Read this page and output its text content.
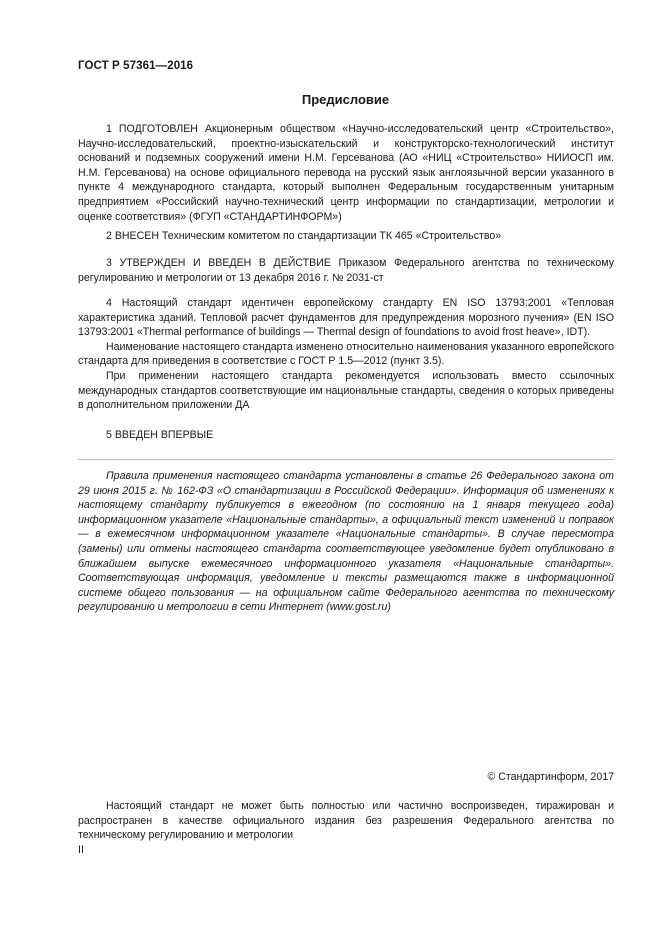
ГОСТ Р 57361—2016
Предисловие

1 ПОДГОТОВЛЕН Акционерным обществом «Научно-исследовательский центр «Строительство», Научно-исследовательский, проектно-изыскательский и конструкторско-технологический институт оснований и подземных сооружений имени Н.М. Герсеванова (АО «НИЦ «Строительство» НИИОСП им. Н.М. Герсеванова) на основе официального перевода на русский язык англоязычной версии указанного в пункте 4 международного стандарта, который выполнен Федеральным государственным унитарным предприятием «Российский научно-технический центр информации по стандартизации, метрологии и оценке соответствия» (ФГУП «СТАНДАРТИНФОРМ»)

2 ВНЕСЕН Техническим комитетом по стандартизации ТК 465 «Строительство»

3 УТВЕРЖДЕН И ВВЕДЕН В ДЕЙСТВИЕ Приказом Федерального агентства по техническому регулированию и метрологии от 13 декабря 2016 г. № 2031-ст

4 Настоящий стандарт идентичен европейскому стандарту EN ISO 13793:2001 «Тепловая характеристика зданий. Тепловой расчет фундаментов для предупреждения морозного пучения» (EN ISO 13793:2001 «Thermal performance of buildings — Thermal design of foundations to avoid frost heave», IDT).

Наименование настоящего стандарта изменено относительно наименования указанного европейского стандарта для приведения в соответствие с ГОСТ Р 1.5—2012 (пункт 3.5).

При применении настоящего стандарта рекомендуется использовать вместо ссылочных международных стандартов соответствующие им национальные стандарты, сведения о которых приведены в дополнительном приложении ДА

5 ВВЕДЕН ВПЕРВЫЕ

Правила применения настоящего стандарта установлены в статье 26 Федерального закона от 29 июня 2015 г. № 162-ФЗ «О стандартизации в Российской Федерации». Информация об изменениях к настоящему стандарту публикуется в ежегодном (по состоянию на 1 января текущего года) информационном указателе «Национальные стандарты», а официальный текст изменений и поправок — в ежемесячном информационном указателе «Национальные стандарты». В случае пересмотра (замены) или отмены настоящего стандарта соответствующее уведомление будет опубликовано в ближайшем выпуске ежемесячного информационного указателя «Национальные стандарты». Соответствующая информация, уведомление и тексты размещаются также в информационной системе общего пользования — на официальном сайте Федерального агентства по техническому регулированию и метрологии в сети Интернет (www.gost.ru)

© Стандартинформ, 2017

Настоящий стандарт не может быть полностью или частично воспроизведен, тиражирован и распространен в качестве официального издания без разрешения Федерального агентства по техническому регулированию и метрологии

II
